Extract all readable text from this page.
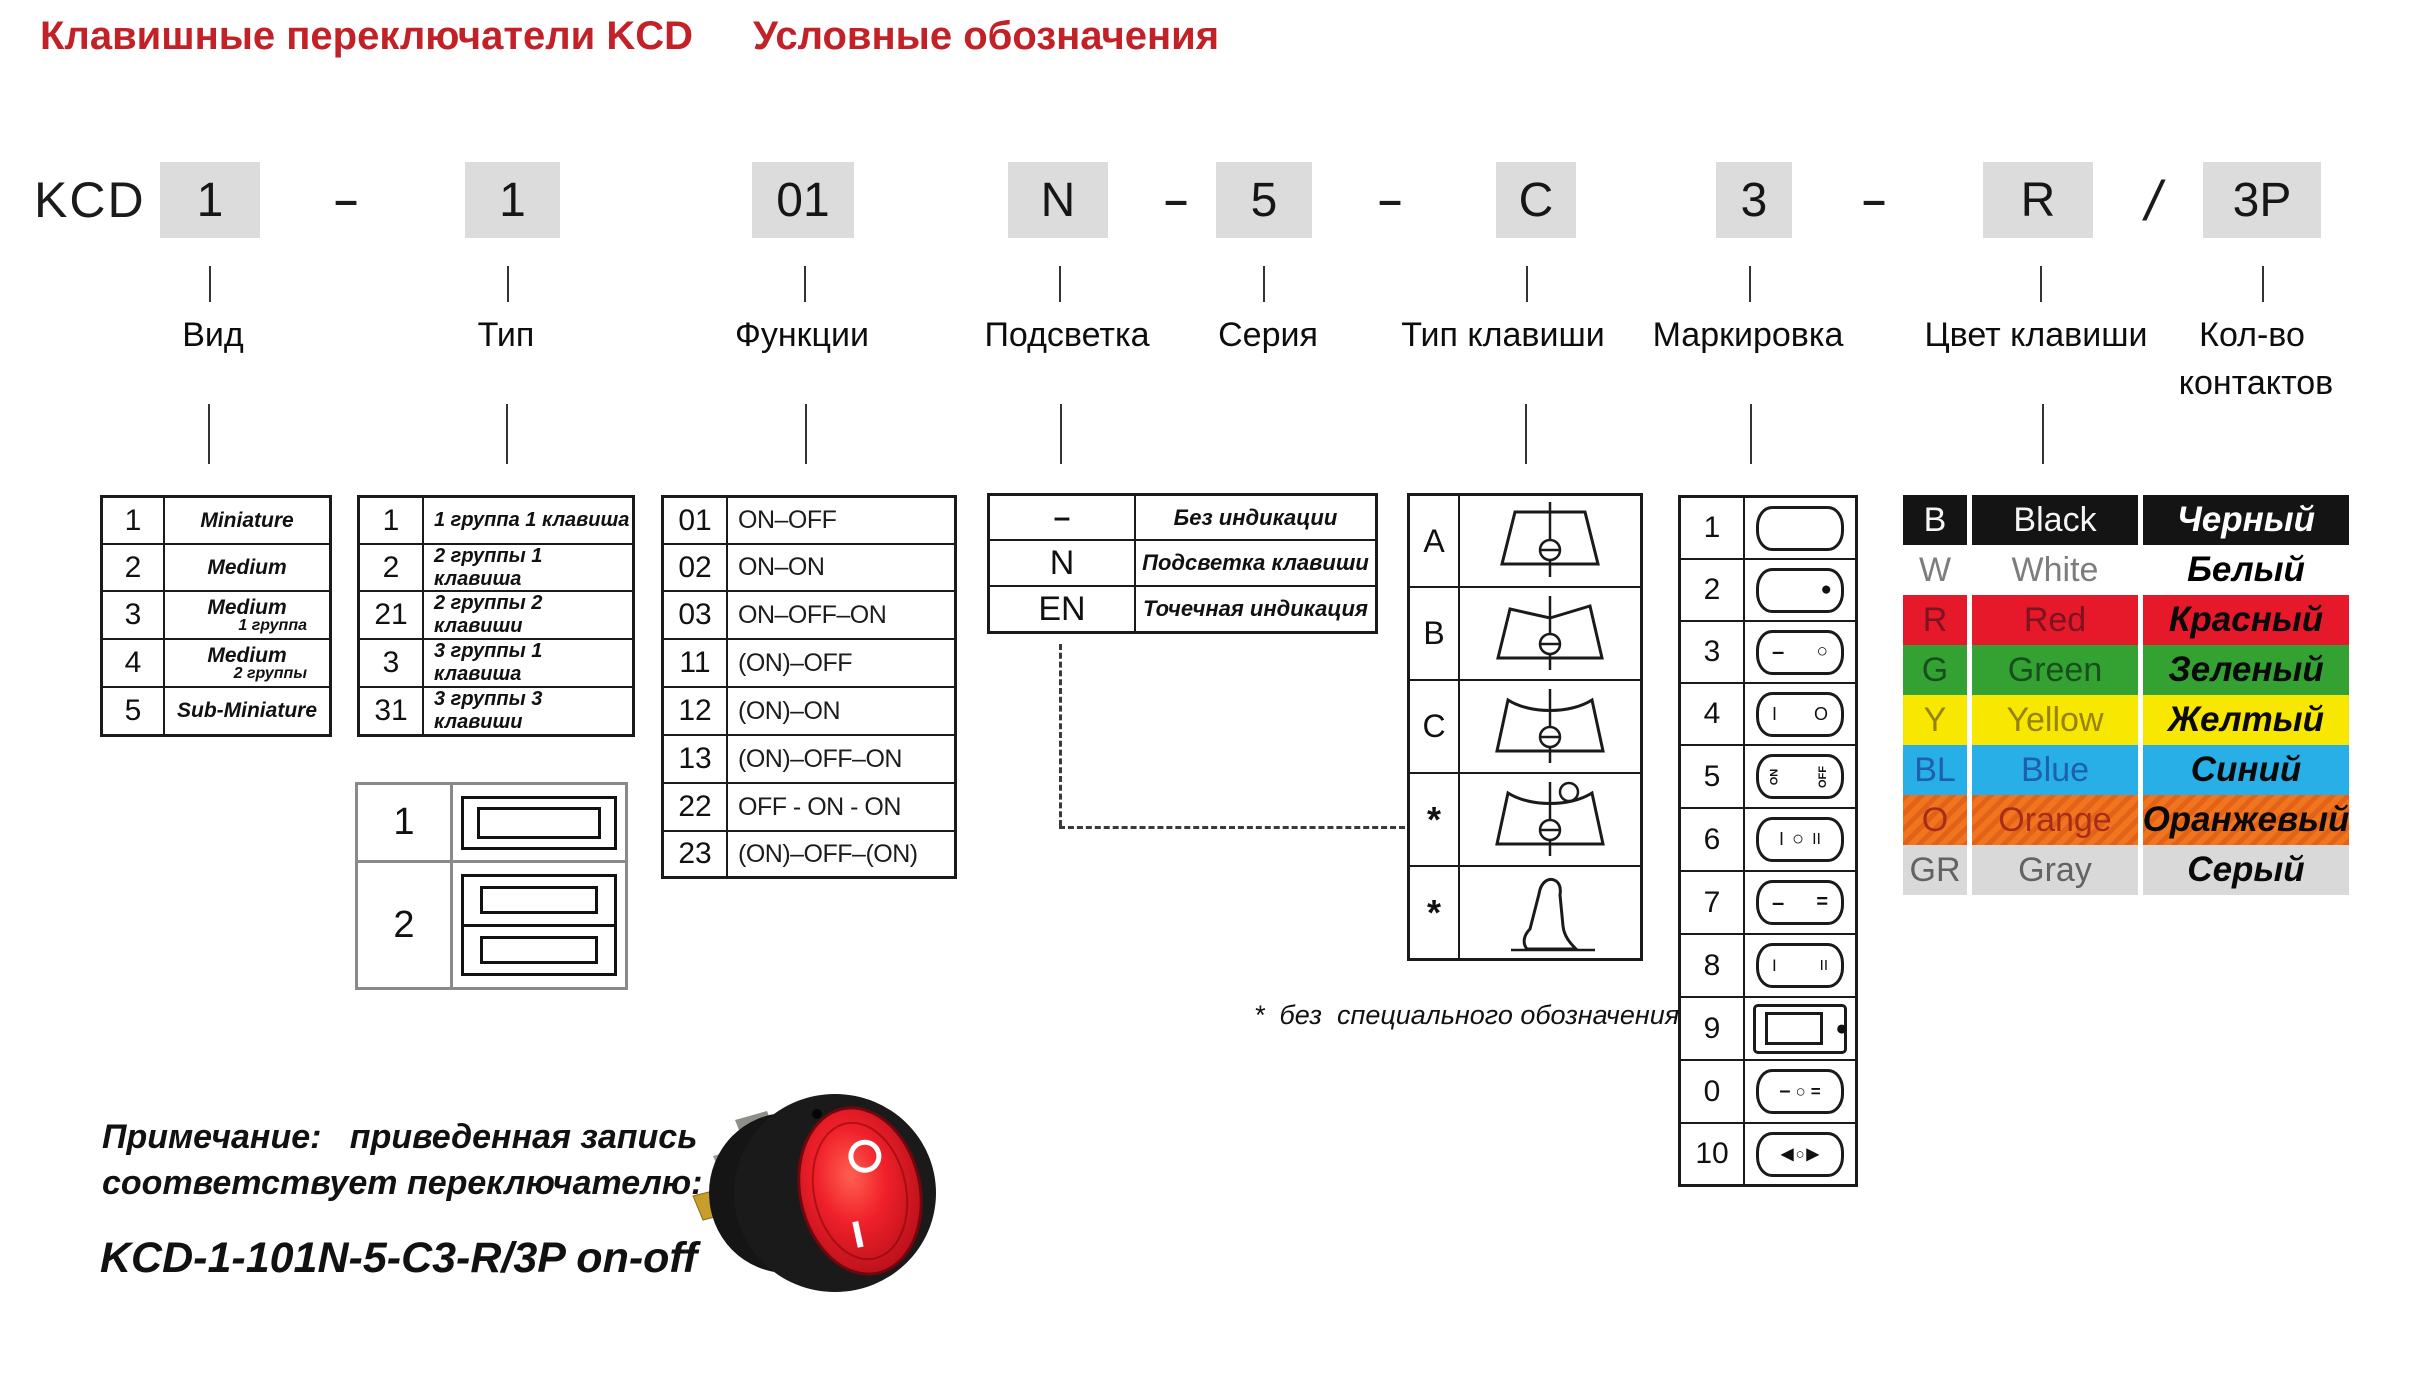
Клавишные переключатели KCD Условные обозначения
KCD	1	–	1	01	N	–	5	–	C	3	–	R	/	3P
Вид	Тип	Функции	Подсветка Серия Тип клавиши Маркировка Цвет клавиши Кол-во
контактов
1	Miniature
2	Medium
3	Medium
1 группа
4	Medium
2 группы
5	Sub-Miniature
1	1 группа 1 клавиша
2	2 группы 1 клавиша
21	2 группы 2 клавиши
3	3 группы 1 клавиша
31	3 группы 3 клавиши
1
2
01	ON–OFF
02	ON–ON
03	ON–OFF–ON
11	(ON)–OFF
12	(ON)–ON
13	(ON)–OFF–ON
22	OFF - ON - ON
23	(ON)–OFF–(ON)
–	Без индикации
N	Подсветка клавиши
EN	Точечная индикация
A
B
C
*
*
1
2	●
3	– ○
4	I O
5	ON	OFF
6	I ○ II
7	– =
8	I	II
9	●
0	– ○ =
10	◀ ○ ▶
B Black Черный
W White	Белый
R Red Красный
G Green Зеленый
Y Yellow Желтый
BL Blue	Синий
O Orange Оранжевый
GR Gray	Серый
*  без  специального обозначения
Примечание:   приведенная запись
соответствует переключателю:
KCD-1-101N-5-C3-R/3P on-off
